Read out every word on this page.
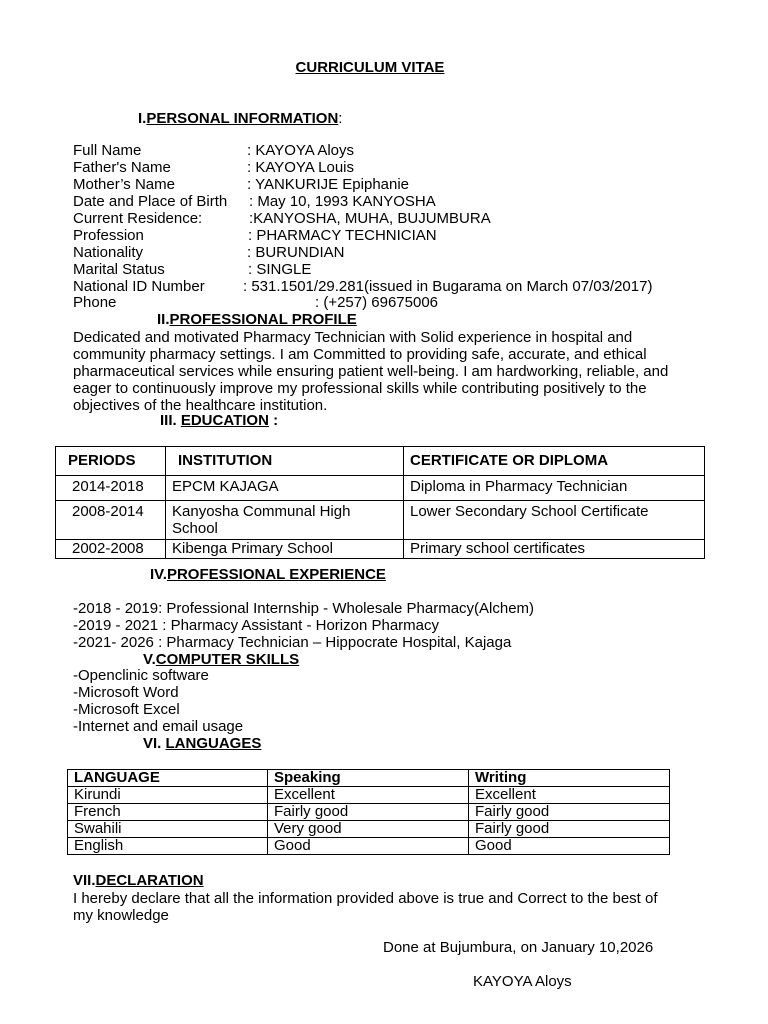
CURRICULUM VITAE
I.PERSONAL INFORMATION:
Full Name	: KAYOYA Aloys
Father's Name	: KAYOYA Louis
Mother’s Name	: YANKURIJE Epiphanie
Date and Place of Birth : May 10, 1993 KANYOSHA
Current Residence:	:KANYOSHA, MUHA, BUJUMBURA
Profession	: PHARMACY TECHNICIAN
Nationality	: BURUNDIAN
Marital Status	: SINGLE
National ID Number	: 531.1501/29.281(issued in Bugarama on March 07/03/2017)
Phone	: (+257) 69675006
II.PROFESSIONAL PROFILE

Dedicated and motivated Pharmacy Technician with Solid experience in hospital and community pharmacy settings. I am Committed to providing safe, accurate, and ethical pharmaceutical services while ensuring patient well-being. I am hardworking, reliable, and eager to continuously improve my professional skills while contributing positively to the objectives of the healthcare institution.

III. EDUCATION :
PERIODS	INSTITUTION	CERTIFICATE OR DIPLOMA
2014-2018	EPCM KAJAGA	Diploma in Pharmacy Technician
2008-2014	Kanyosha Communal High School	Lower Secondary School Certificate
2002-2008	Kibenga Primary School	Primary school certificates
IV.PROFESSIONAL EXPERIENCE
-2018 - 2019: Professional Internship - Wholesale Pharmacy(Alchem)
-2019 - 2021 : Pharmacy Assistant - Horizon Pharmacy
-2021- 2026 : Pharmacy Technician – Hippocrate Hospital, Kajaga
V.COMPUTER SKILLS
-Openclinic software
-Microsoft Word
-Microsoft Excel
-Internet and email usage
VI. LANGUAGES
LANGUAGE	Speaking	Writing
Kirundi	Excellent	Excellent
French	Fairly good	Fairly good
Swahili	Very good	Fairly good
English	Good	Good
VII.DECLARATION

I hereby declare that all the information provided above is true and Correct to the best of my knowledge

Done at Bujumbura, on January 10,2026
KAYOYA Aloys
